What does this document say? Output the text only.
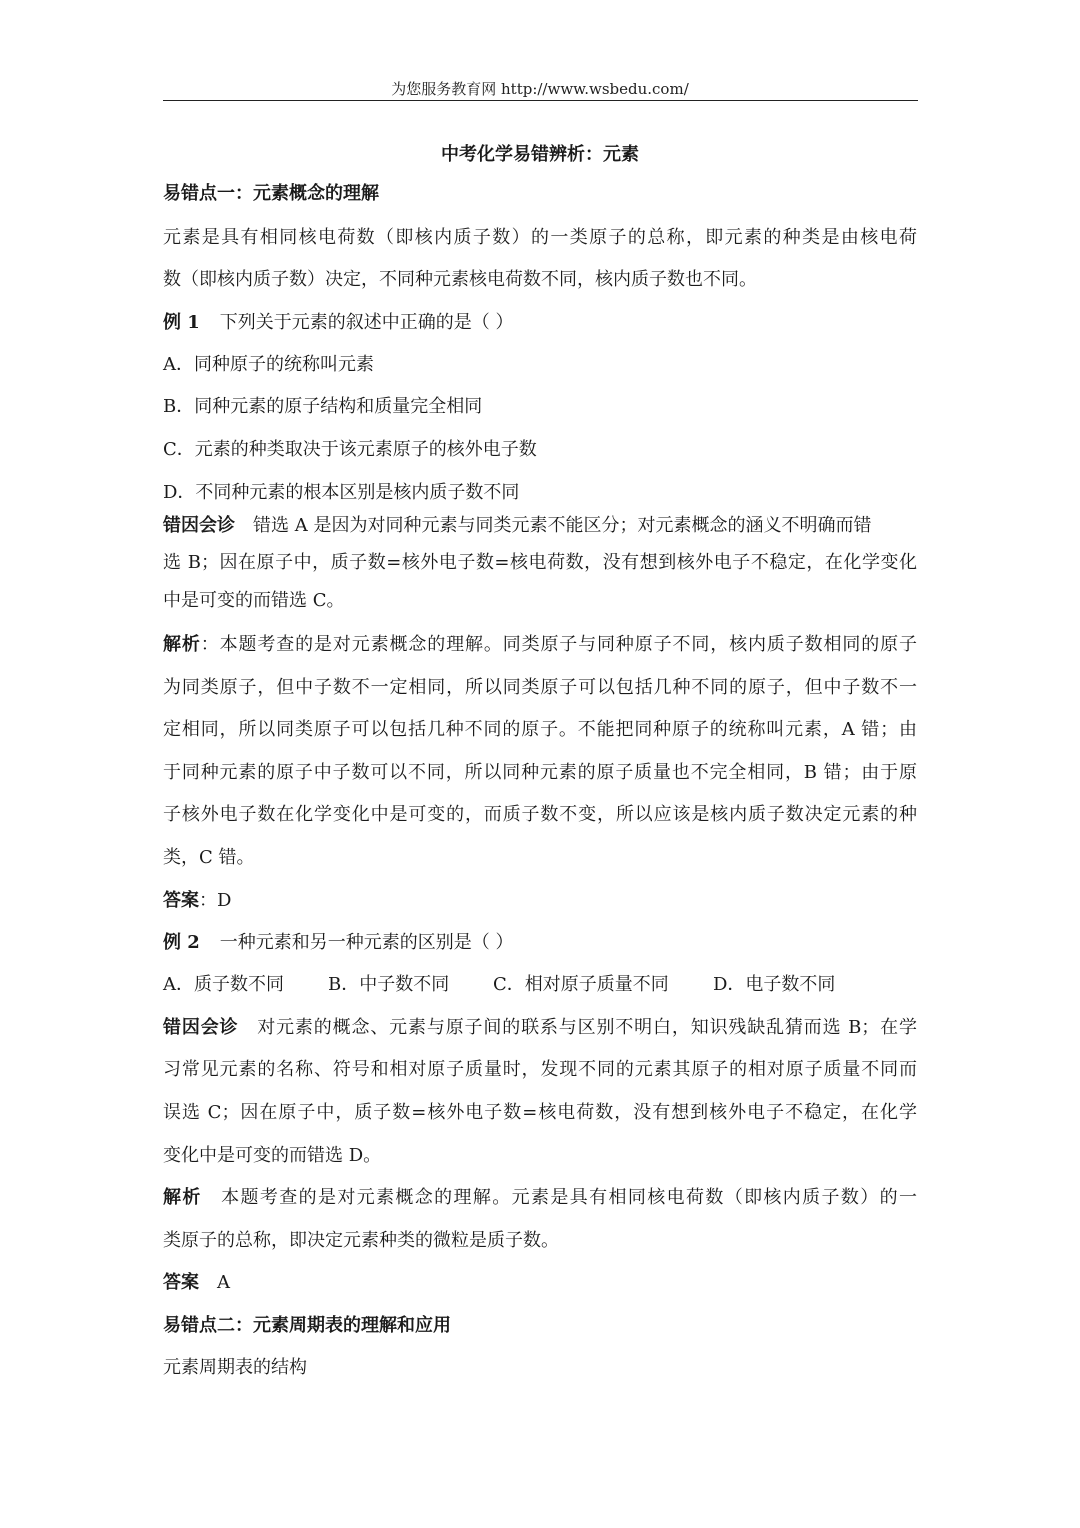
为您服务教育网 http://www.wsbedu.com/
中考化学易错辨析：元素
易错点一：元素概念的理解
元素是具有相同核电荷数（即核内质子数）的一类原子的总称，即元素的种类是由核电荷
数（即核内质子数）决定，不同种元素核电荷数不同，核内质子数也不同。
例 1 下列关于元素的叙述中正确的是（ ）
A．同种原子的统称叫元素
B．同种元素的原子结构和质量完全相同
C．元素的种类取决于该元素原子的核外电子数
D．不同种元素的根本区别是核内质子数不同
错因会诊 错选 A 是因为对同种元素与同类元素不能区分；对元素概念的涵义不明确而错
选 B；因在原子中，质子数=核外电子数=核电荷数，没有想到核外电子不稳定，在化学变化
中是可变的而错选 C。
解析：本题考查的是对元素概念的理解。同类原子与同种原子不同，核内质子数相同的原子
为同类原子，但中子数不一定相同，所以同类原子可以包括几种不同的原子，但中子数不一
定相同，所以同类原子可以包括几种不同的原子。不能把同种原子的统称叫元素，A 错；由
于同种元素的原子中子数可以不同，所以同种元素的原子质量也不完全相同，B 错；由于原
子核外电子数在化学变化中是可变的，而质子数不变，所以应该是核内质子数决定元素的种
类，C 错。
答案：D
例 2 一种元素和另一种元素的区别是（ ）
A．质子数不同 B．中子数不同 C．相对原子质量不同 D．电子数不同
错因会诊 对元素的概念、元素与原子间的联系与区别不明白，知识残缺乱猜而选 B；在学
习常见元素的名称、符号和相对原子质量时，发现不同的元素其原子的相对原子质量不同而
误选 C；因在原子中，质子数=核外电子数=核电荷数，没有想到核外电子不稳定，在化学
变化中是可变的而错选 D。
解析 本题考查的是对元素概念的理解。元素是具有相同核电荷数（即核内质子数）的一
类原子的总称，即决定元素种类的微粒是质子数。
答案 A
易错点二：元素周期表的理解和应用
元素周期表的结构
